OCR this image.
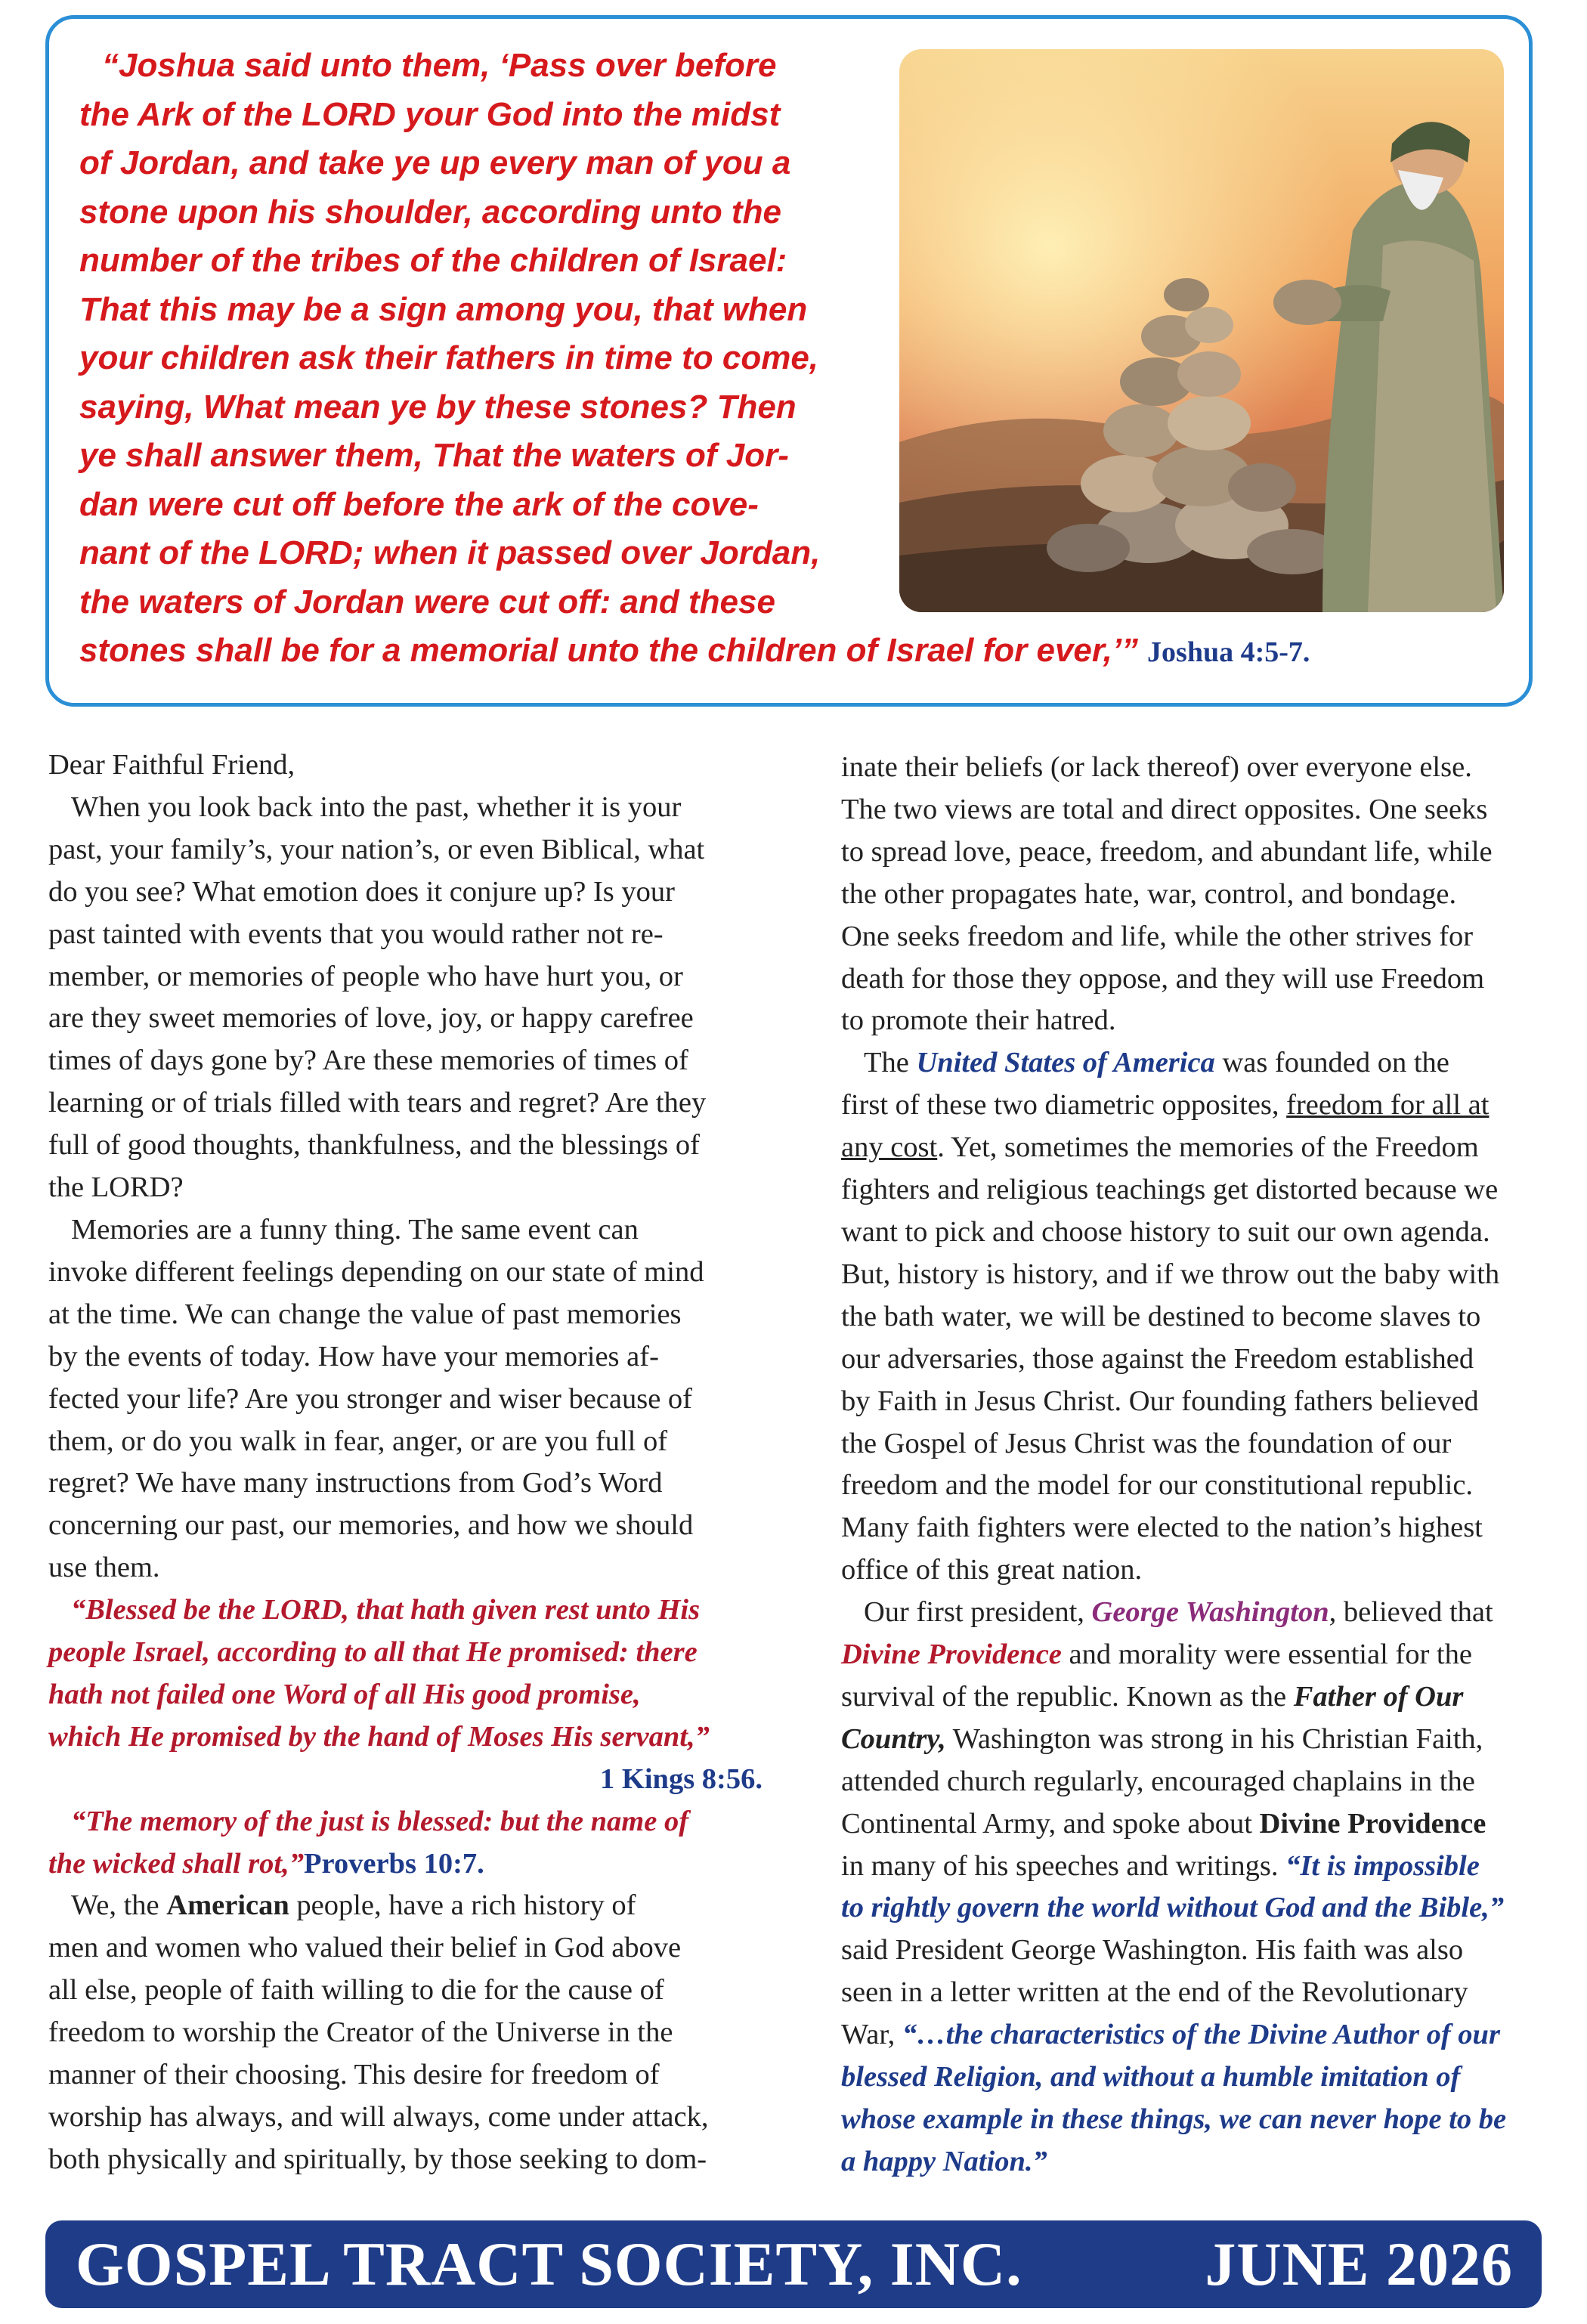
“Joshua said unto them, ‘Pass over before
the Ark of the LORD your God into the midst
of Jordan, and take ye up every man of you a
stone upon his shoulder, according unto the
number of the tribes of the children of Israel:
That this may be a sign among you, that when
your children ask their fathers in time to come,
saying, What mean ye by these stones? Then
ye shall answer them, That the waters of Jor-
dan were cut off before the ark of the cove-
nant of the LORD; when it passed over Jordan,
the waters of Jordan were cut off: and these
stones shall be for a memorial unto the children of Israel for ever,’” Joshua 4:5-7.
Dear Faithful Friend,
When you look back into the past, whether it is your
past, your family’s, your nation’s, or even Biblical, what
do you see? What emotion does it conjure up? Is your
past tainted with events that you would rather not re-
member, or memories of people who have hurt you, or
are they sweet memories of love, joy, or happy carefree
times of days gone by? Are these memories of times of
learning or of trials filled with tears and regret? Are they
full of good thoughts, thankfulness, and the blessings of
the LORD?
Memories are a funny thing. The same event can
invoke different feelings depending on our state of mind
at the time. We can change the value of past memories
by the events of today. How have your memories af-
fected your life? Are you stronger and wiser because of
them, or do you walk in fear, anger, or are you full of
regret? We have many instructions from God’s Word
concerning our past, our memories, and how we should
use them.
“Blessed be the LORD, that hath given rest unto His
people Israel, according to all that He promised: there
hath not failed one Word of all His good promise,
which He promised by the hand of Moses His servant,”
1 Kings 8:56.
“The memory of the just is blessed: but the name of
the wicked shall rot,”Proverbs 10:7.
We, the American people, have a rich history of
men and women who valued their belief in God above
all else, people of faith willing to die for the cause of
freedom to worship the Creator of the Universe in the
manner of their choosing. This desire for freedom of
worship has always, and will always, come under attack,
both physically and spiritually, by those seeking to dom-
inate their beliefs (or lack thereof) over everyone else.
The two views are total and direct opposites. One seeks
to spread love, peace, freedom, and abundant life, while
the other propagates hate, war, control, and bondage.
One seeks freedom and life, while the other strives for
death for those they oppose, and they will use Freedom
to promote their hatred.
The United States of America was founded on the
first of these two diametric opposites, freedom for all at
any cost. Yet, sometimes the memories of the Freedom
fighters and religious teachings get distorted because we
want to pick and choose history to suit our own agenda.
But, history is history, and if we throw out the baby with
the bath water, we will be destined to become slaves to
our adversaries, those against the Freedom established
by Faith in Jesus Christ. Our founding fathers believed
the Gospel of Jesus Christ was the foundation of our
freedom and the model for our constitutional republic.
Many faith fighters were elected to the nation’s highest
office of this great nation.
Our first president, George Washington, believed that
Divine Providence and morality were essential for the
survival of the republic. Known as the Father of Our
Country, Washington was strong in his Christian Faith,
attended church regularly, encouraged chaplains in the
Continental Army, and spoke about Divine Providence
in many of his speeches and writings. “It is impossible
to rightly govern the world without God and the Bible,”
said President George Washington. His faith was also
seen in a letter written at the end of the Revolutionary
War, “…the characteristics of the Divine Author of our
blessed Religion, and without a humble imitation of
whose example in these things, we can never hope to be
a happy Nation.”
GOSPEL TRACT SOCIETY, INC.	JUNE 2026
